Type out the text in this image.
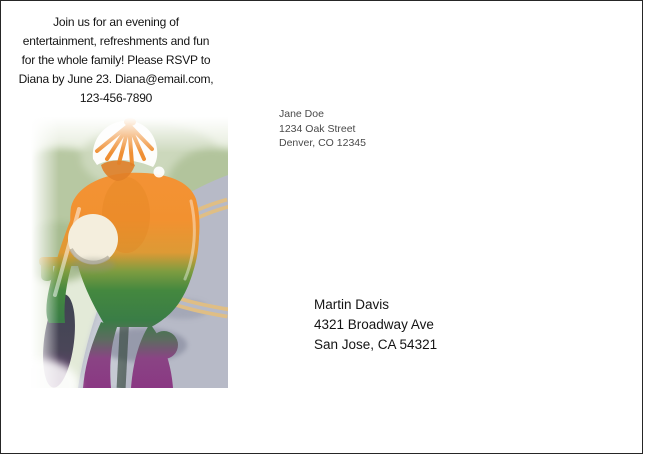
Join us for an evening of
entertainment, refreshments and fun
for the whole family! Please RSVP to
Diana by June 23. Diana@email.com,
123-456-7890
Jane Doe
1234 Oak Street
Denver, CO 12345
Martin Davis
4321 Broadway Ave
San Jose, CA 54321
